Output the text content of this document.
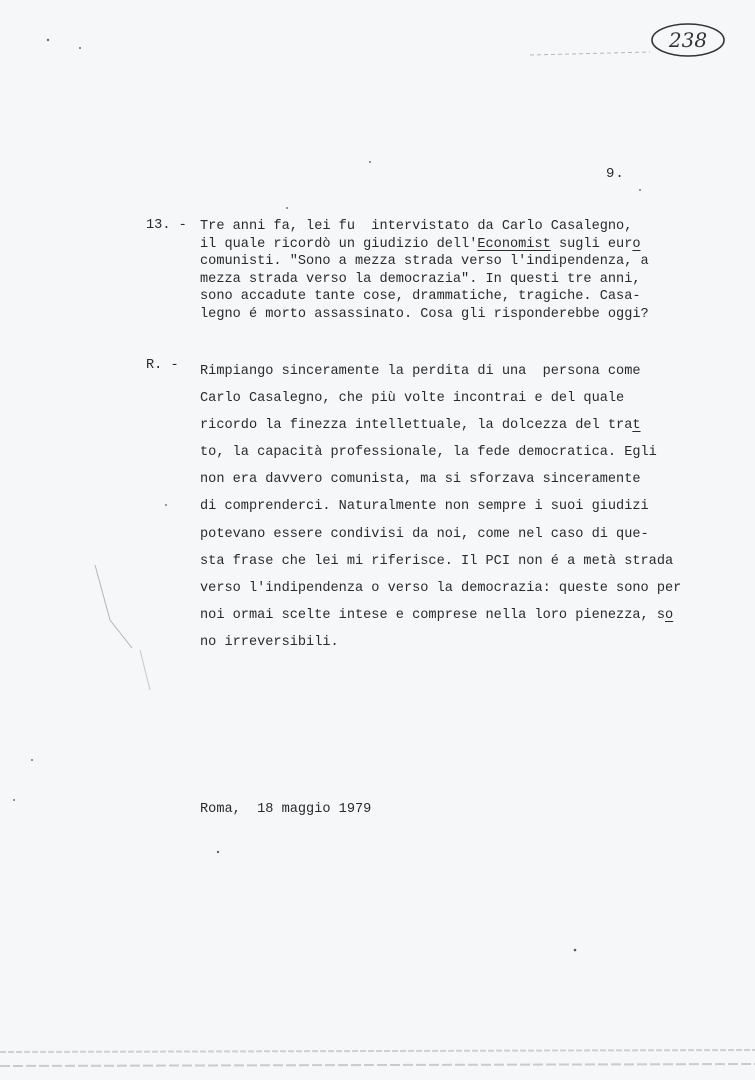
238
9.
13. - Tre anni fa, lei fu  intervistato da Carlo Casalegno,
il quale ricordò un giudizio dell'Economist sugli euro
comunisti. "Sono a mezza strada verso l'indipendenza, a
mezza strada verso la democrazia". In questi tre anni,
sono accadute tante cose, drammatiche, tragiche. Casa-
legno é morto assassinato. Cosa gli risponderebbe oggi?
R. - Rimpiango sinceramente la perdita di una  persona come
Carlo Casalegno, che più volte incontrai e del quale
ricordo la finezza intellettuale, la dolcezza del trat
to, la capacità professionale, la fede democratica. Egli
non era davvero comunista, ma si sforzava sinceramente
di comprenderci. Naturalmente non sempre i suoi giudizi
potevano essere condivisi da noi, come nel caso di que-
sta frase che lei mi riferisce. Il PCI non é a metà strada
verso l'indipendenza o verso la democrazia: queste sono per
noi ormai scelte intese e comprese nella loro pienezza, so
no irreversibili.
Roma,  18 maggio 1979
